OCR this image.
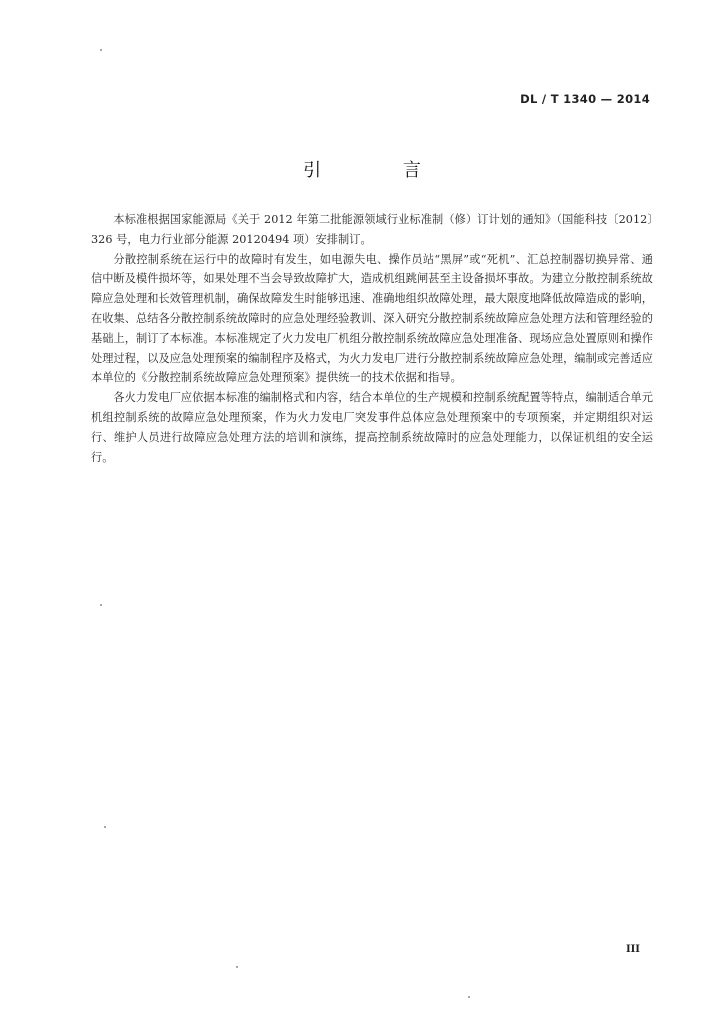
DL / T 1340 — 2014
引 言

本标准根据国家能源局《关于 2012 年第二批能源领域行业标准制（修）订计划的通知》（国能科技〔2012〕326 号，电力行业部分能源 20120494 项）安排制订。

分散控制系统在运行中的故障时有发生，如电源失电、操作员站“黑屏”或“死机”、汇总控制器切换异常、通信中断及模件损坏等，如果处理不当会导致故障扩大，造成机组跳闸甚至主设备损坏事故。为建立分散控制系统故障应急处理和长效管理机制，确保故障发生时能够迅速、准确地组织故障处理，最大限度地降低故障造成的影响，在收集、总结各分散控制系统故障时的应急处理经验教训、深入研究分散控制系统故障应急处理方法和管理经验的基础上，制订了本标准。本标准规定了火力发电厂机组分散控制系统故障应急处理准备、现场应急处置原则和操作处理过程，以及应急处理预案的编制程序及格式，为火力发电厂进行分散控制系统故障应急处理，编制或完善适应本单位的《分散控制系统故障应急处理预案》提供统一的技术依据和指导。

各火力发电厂应依据本标准的编制格式和内容，结合本单位的生产规模和控制系统配置等特点，编制适合单元机组控制系统的故障应急处理预案，作为火力发电厂突发事件总体应急处理预案中的专项预案，并定期组织对运行、维护人员进行故障应急处理方法的培训和演练，提高控制系统故障时的应急处理能力，以保证机组的安全运行。

III
